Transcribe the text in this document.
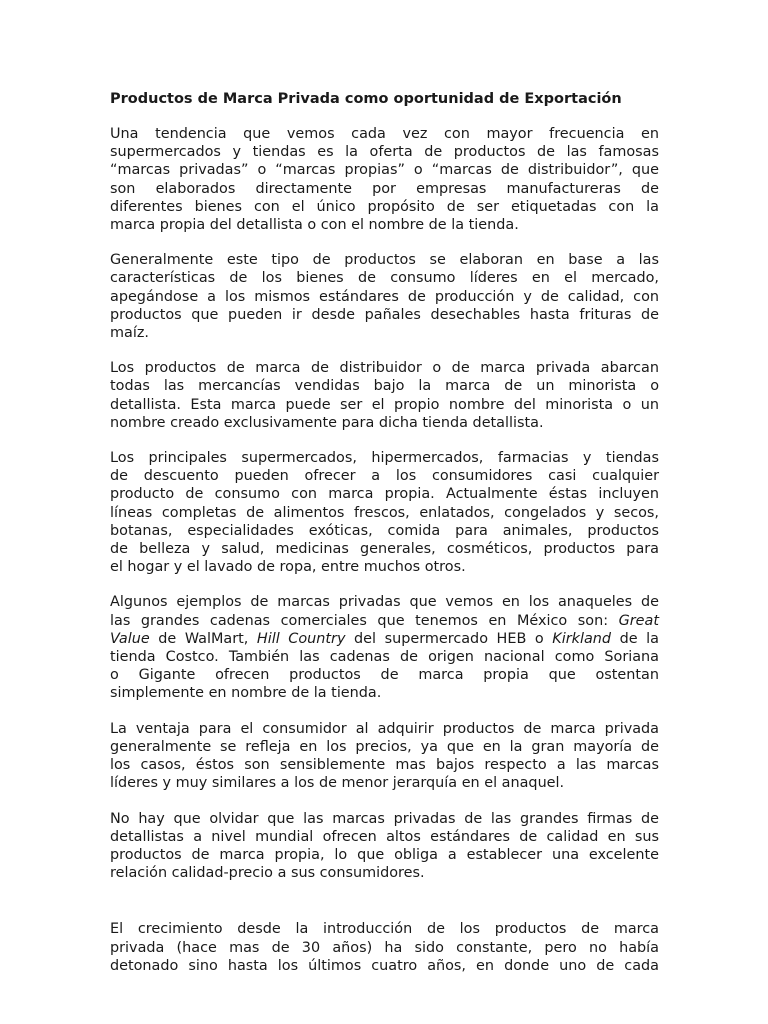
Productos de Marca Privada como oportunidad de Exportación
Una tendencia que vemos cada vez con mayor frecuencia en
supermercados y tiendas es la oferta de productos de las famosas
“marcas privadas” o “marcas propias” o “marcas de distribuidor”, que
son elaborados directamente por empresas manufactureras de
diferentes bienes con el único propósito de ser etiquetadas con la
marca propia del detallista o con el nombre de la tienda.
Generalmente este tipo de productos se elaboran en base a las
características de los bienes de consumo líderes en el mercado,
apegándose a los mismos estándares de producción y de calidad, con
productos que pueden ir desde pañales desechables hasta frituras de
maíz.
Los productos de marca de distribuidor o de marca privada abarcan
todas las mercancías vendidas bajo la marca de un minorista o
detallista. Esta marca puede ser el propio nombre del minorista o un
nombre creado exclusivamente para dicha tienda detallista.
Los principales supermercados, hipermercados, farmacias y tiendas
de descuento pueden ofrecer a los consumidores casi cualquier
producto de consumo con marca propia. Actualmente éstas incluyen
líneas completas de alimentos frescos, enlatados, congelados y secos,
botanas, especialidades exóticas, comida para animales, productos
de belleza y salud, medicinas generales, cosméticos, productos para
el hogar y el lavado de ropa, entre muchos otros.
Algunos ejemplos de marcas privadas que vemos en los anaqueles de
las grandes cadenas comerciales que tenemos en México son: Great
Value de WalMart, Hill Country del supermercado HEB o Kirkland de la
tienda Costco. También las cadenas de origen nacional como Soriana
o Gigante ofrecen productos de marca propia que ostentan
simplemente en nombre de la tienda.
La ventaja para el consumidor al adquirir productos de marca privada
generalmente se refleja en los precios, ya que en la gran mayoría de
los casos, éstos son sensiblemente mas bajos respecto a las marcas
líderes y muy similares a los de menor jerarquía en el anaquel.
No hay que olvidar que las marcas privadas de las grandes firmas de
detallistas a nivel mundial ofrecen altos estándares de calidad en sus
productos de marca propia, lo que obliga a establecer una excelente
relación calidad-precio a sus consumidores.
El crecimiento desde la introducción de los productos de marca
privada (hace mas de 30 años) ha sido constante, pero no había
detonado sino hasta los últimos cuatro años, en donde uno de cada
